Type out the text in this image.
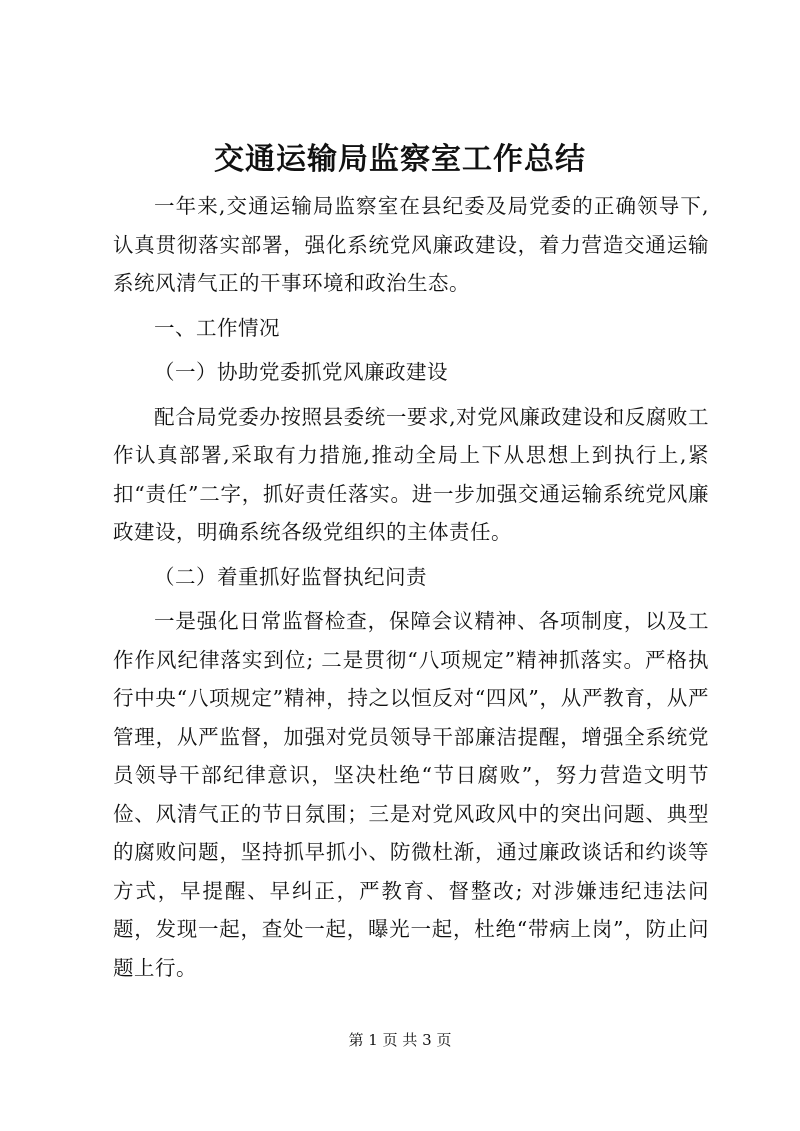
交通运输局监察室工作总结

一年来,交通运输局监察室在县纪委及局党委的正确领导下,认真贯彻落实部署，强化系统党风廉政建设，着力营造交通运输系统风清气正的干事环境和政治生态。

一、工作情况

（一）协助党委抓党风廉政建设

配合局党委办按照县委统一要求,对党风廉政建设和反腐败工作认真部署,采取有力措施,推动全局上下从思想上到执行上,紧扣“责任”二字，抓好责任落实。进一步加强交通运输系统党风廉政建设，明确系统各级党组织的主体责任。

（二）着重抓好监督执纪问责

一是强化日常监督检查，保障会议精神、各项制度，以及工作作风纪律落实到位; 二是贯彻“八项规定”精神抓落实。严格执行中央“八项规定”精神，持之以恒反对“四风”，从严教育，从严管理，从严监督，加强对党员领导干部廉洁提醒，增强全系统党员领导干部纪律意识，坚决杜绝“节日腐败”，努力营造文明节俭、风清气正的节日氛围；三是对党风政风中的突出问题、典型的腐败问题，坚持抓早抓小、防微杜渐，通过廉政谈话和约谈等方式，早提醒、早纠正，严教育、督整改; 对涉嫌违纪违法问题，发现一起，查处一起，曝光一起，杜绝“带病上岗”，防止问题上行。

第 1 页 共 3 页
